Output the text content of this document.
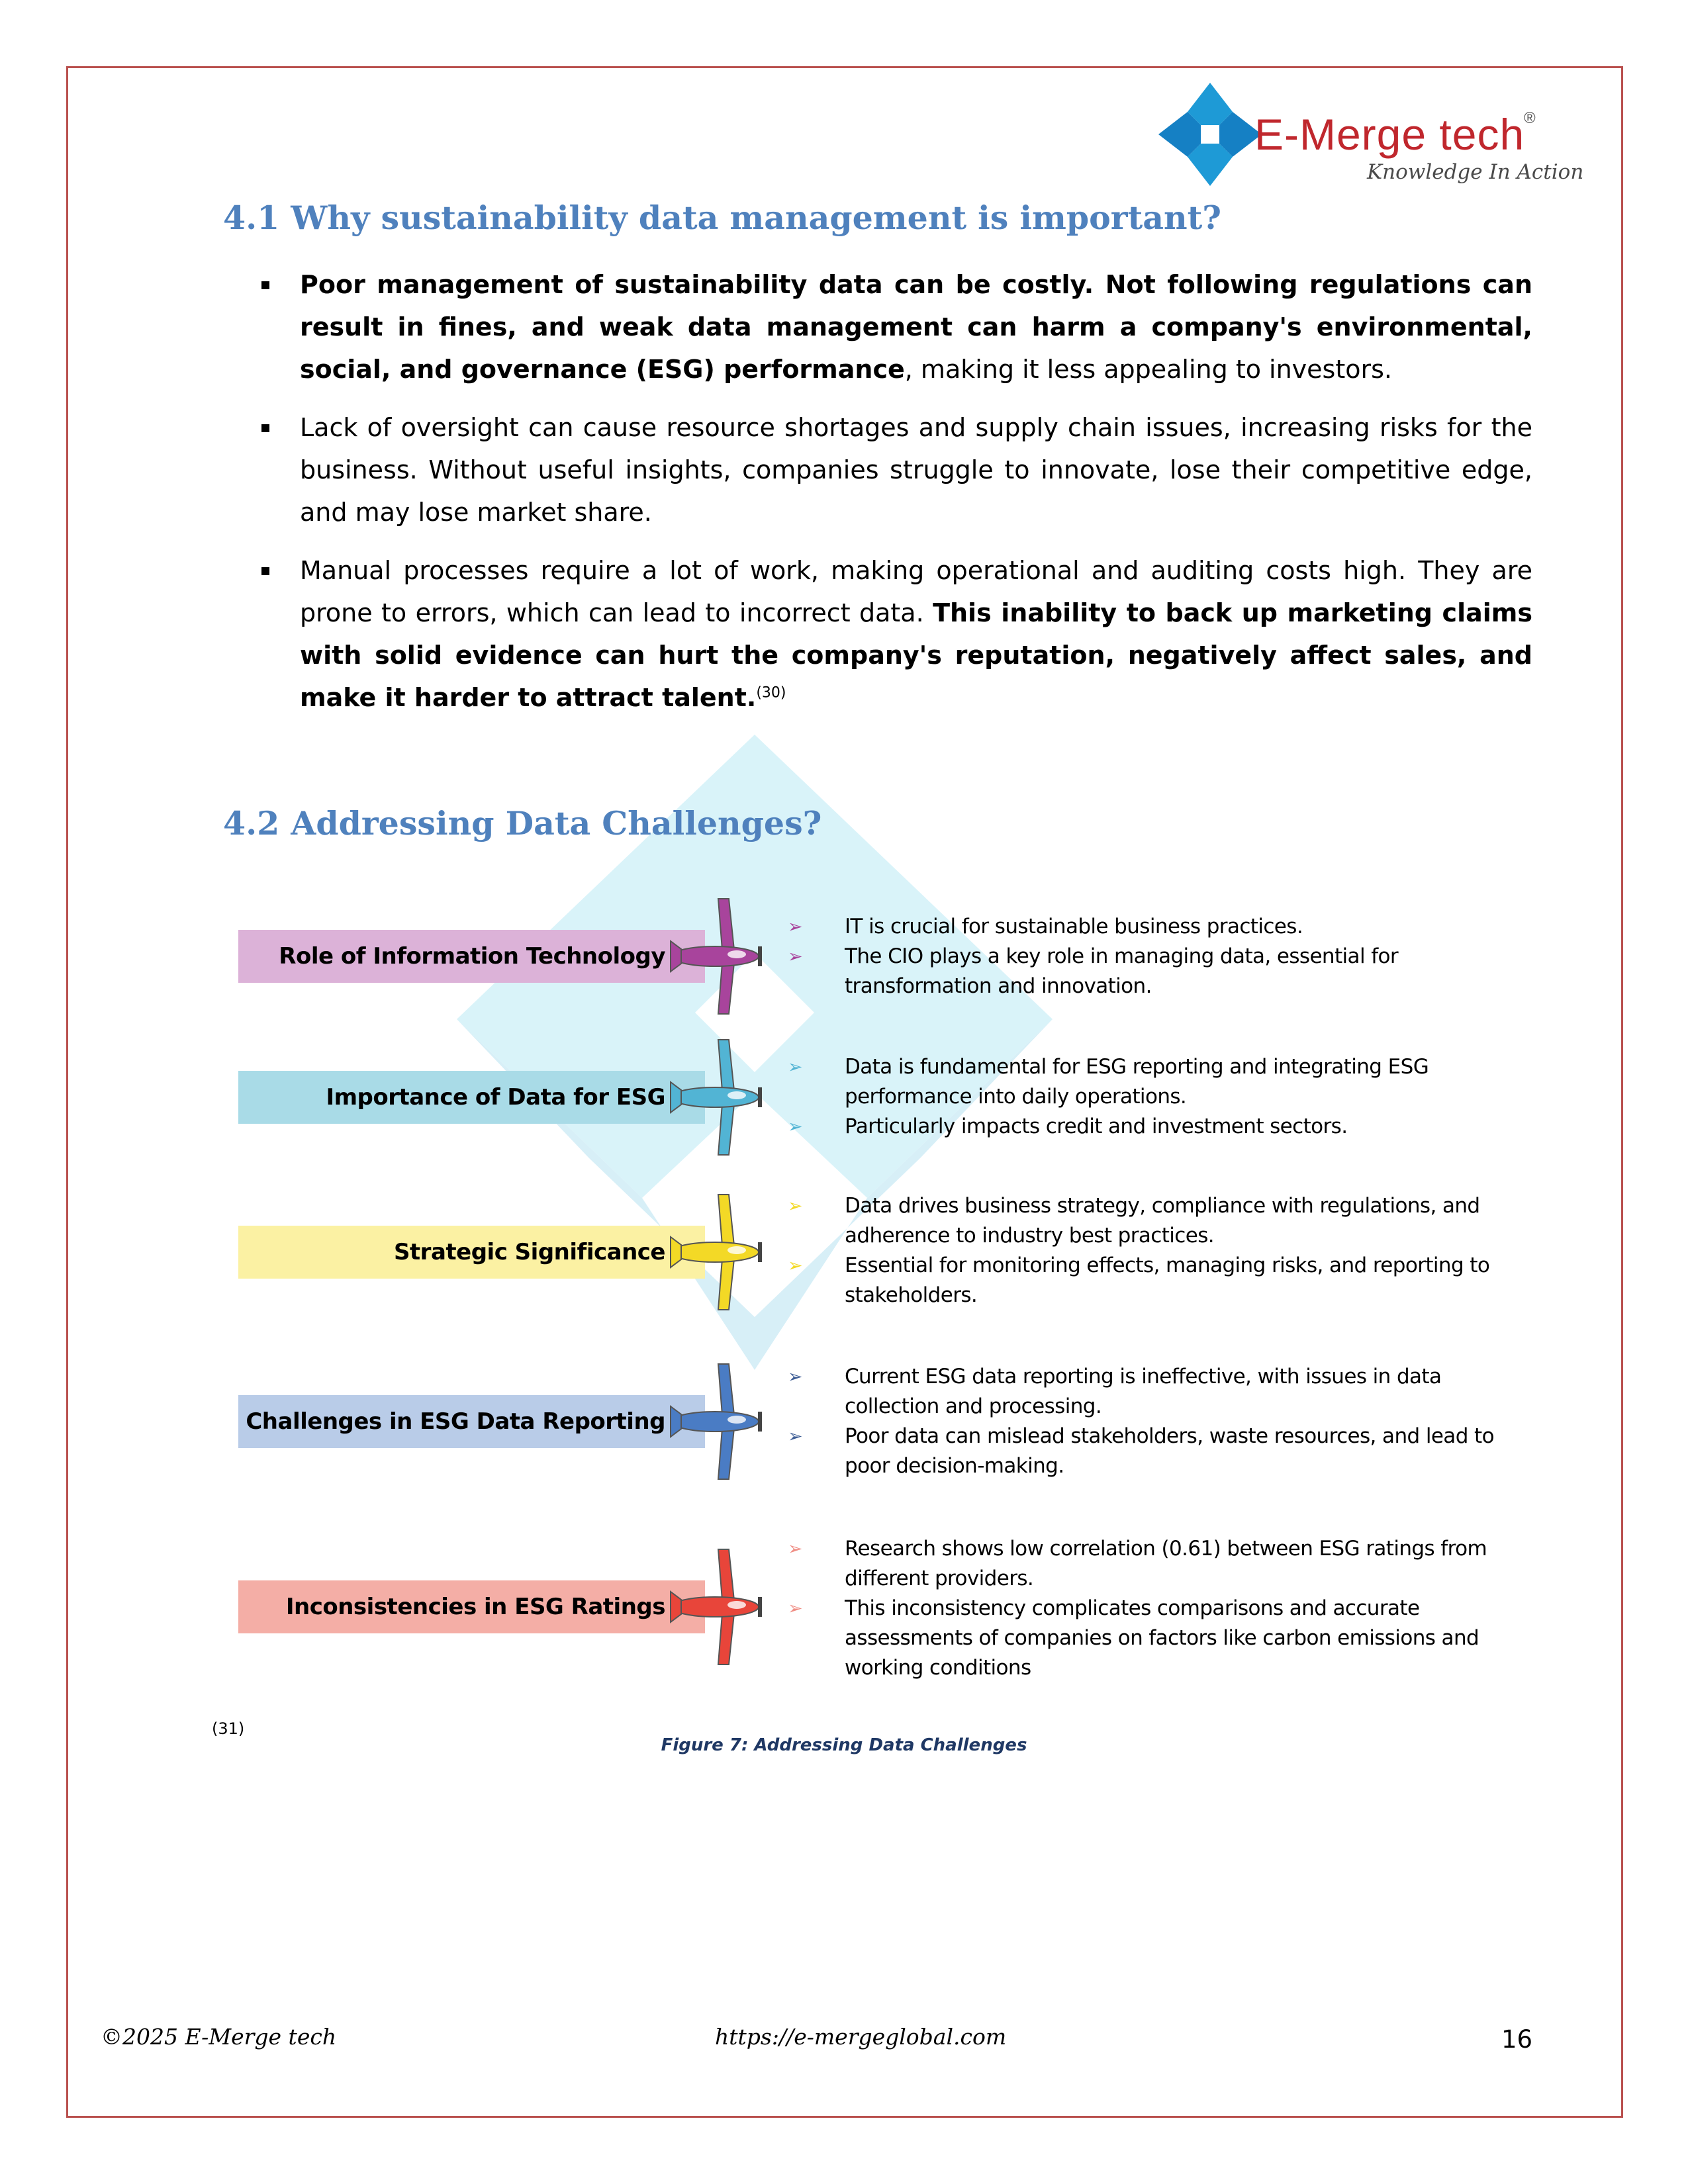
E-Merge tech
®
Knowledge In Action
4.1 Why sustainability data management is important?
Poor management of sustainability data can be costly. Not following regulations can result in fines, and weak data management can harm a company's environmental, social, and governance (ESG) performance, making it less appealing to investors.
Lack of oversight can cause resource shortages and supply chain issues, increasing risks for the business. Without useful insights, companies struggle to innovate, lose their competitive edge, and may lose market share.
Manual processes require a lot of work, making operational and auditing costs high. They are prone to errors, which can lead to incorrect data. This inability to back up marketing claims with solid evidence can hurt the company's reputation, negatively affect sales, and make it harder to attract talent.$^{(30)}$
4.2 Addressing Data Challenges?
Role of Information Technology
➢ IT is crucial for sustainable business practices.
➢ The CIO plays a key role in managing data, essential for transformation and innovation.
Importance of Data for ESG
➢ Data is fundamental for ESG reporting and integrating ESG performance into daily operations.
➢ Particularly impacts credit and investment sectors.
Strategic Significance
➢ Data drives business strategy, compliance with regulations, and adherence to industry best practices.
➢ Essential for monitoring effects, managing risks, and reporting to stakeholders.
Challenges in ESG Data Reporting
➢ Current ESG data reporting is ineffective, with issues in data collection and processing.
➢ Poor data can mislead stakeholders, waste resources, and lead to poor decision-making.
Inconsistencies in ESG Ratings
➢ Research shows low correlation (0.61) between ESG ratings from different providers.
➢ This inconsistency complicates comparisons and accurate assessments of companies on factors like carbon emissions and working conditions
(31)
Figure 7: Addressing Data Challenges
©2025 E-Merge tech	https://e-mergeglobal.com	16
